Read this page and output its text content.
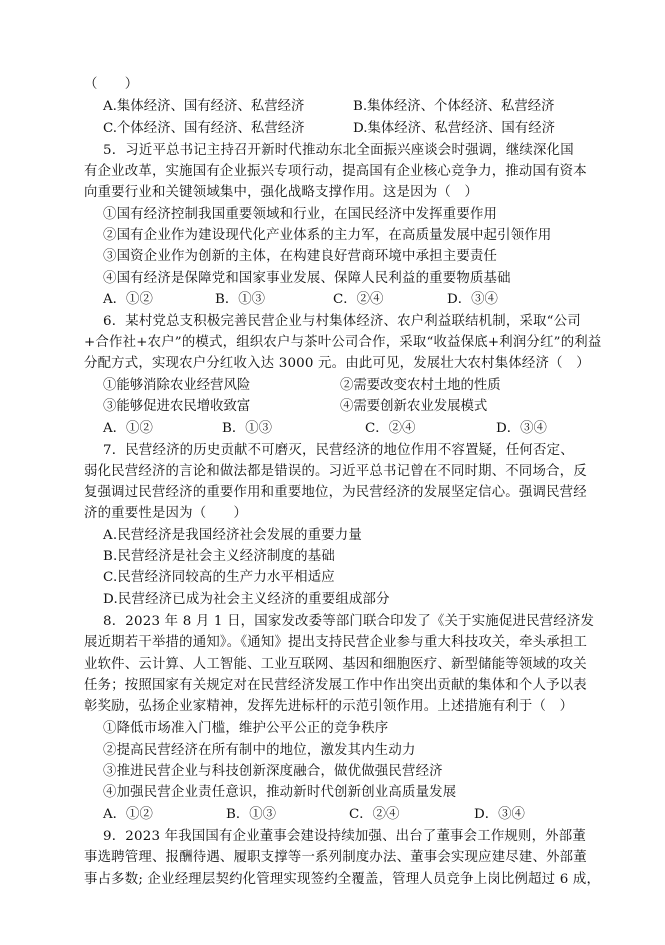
（　　）
A.集体经济、国有经济、私营经济	B.集体经济、个体经济、私营经济
C.个体经济、国有经济、私营经济	D.集体经济、私营经济、国有经济
5．习近平总书记主持召开新时代推动东北全面振兴座谈会时强调，继续深化国
有企业改革，实施国有企业振兴专项行动，提高国有企业核心竞争力，推动国有资本
向重要行业和关键领域集中，强化战略支撑作用。这是因为（　）
①国有经济控制我国重要领域和行业，在国民经济中发挥重要作用
②国有企业作为建设现代化产业体系的主力军，在高质量发展中起引领作用
③国资企业作为创新的主体，在构建良好营商环境中承担主要责任
④国有经济是保障党和国家事业发展、保障人民利益的重要物质基础
A．①②	B．①③	C．②④	D．③④
6．某村党总支积极完善民营企业与村集体经济、农户利益联结机制，采取“公司
+合作社+农户”的模式，组织农户与茶叶公司合作，采取“收益保底+利润分红”的利益
分配方式，实现农户分红收入达 3000 元。由此可见，发展壮大农村集体经济（　）
①能够消除农业经营风险	②需要改变农村土地的性质
③能够促进农民增收致富	④需要创新农业发展模式
A．①②	B．①③	C．②④	D．③④
7．民营经济的历史贡献不可磨灭，民营经济的地位作用不容置疑，任何否定、
弱化民营经济的言论和做法都是错误的。习近平总书记曾在不同时期、不同场合，反
复强调过民营经济的重要作用和重要地位，为民营经济的发展坚定信心。强调民营经
济的重要性是因为（　　）
A.民营经济是我国经济社会发展的重要力量
B.民营经济是社会主义经济制度的基础
C.民营经济同较高的生产力水平相适应
D.民营经济已成为社会主义经济的重要组成部分
8．2023 年 8 月 1 日，国家发改委等部门联合印发了《关于实施促进民营经济发
展近期若干举措的通知》。《通知》提出支持民营企业参与重大科技攻关，牵头承担工
业软件、云计算、人工智能、工业互联网、基因和细胞医疗、新型储能等领域的攻关
任务；按照国家有关规定对在民营经济发展工作中作出突出贡献的集体和个人予以表
彰奖励，弘扬企业家精神，发挥先进标杆的示范引领作用。上述措施有利于（　）
①降低市场准入门槛，维护公平公正的竞争秩序
②提高民营经济在所有制中的地位，激发其内生动力
③推进民营企业与科技创新深度融合，做优做强民营经济
④加强民营企业责任意识，推动新时代创新创业高质量发展
A．①②	B．①③	C．②④	D．③④
9．2023 年我国国有企业董事会建设持续加强、出台了董事会工作规则，外部董
事选聘管理、报酬待遇、履职支撑等一系列制度办法、董事会实现应建尽建、外部董
事占多数; 企业经理层契约化管理实现签约全覆盖，管理人员竞争上岗比例超过 6 成，
